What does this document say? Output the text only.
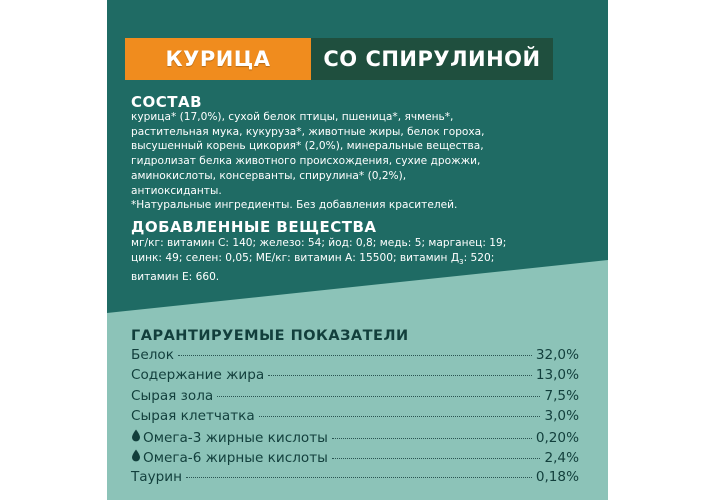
КУРИЦА	СО СПИРУЛИНОЙ
СОСТАВ
курица* (17,0%), сухой белок птицы, пшеница*, ячмень*,
растительная мука, кукуруза*, животные жиры, белок гороха,
высушенный корень цикория* (2,0%), минеральные вещества,
гидролизат белка животного происхождения, сухие дрожжи,
аминокислоты, консерванты, спирулина* (0,2%),
антиоксиданты.
*Натуральные ингредиенты. Без добавления красителей.
ДОБАВЛЕННЫЕ ВЕЩЕСТВА
мг/кг: витамин С: 140; железо: 54; йод: 0,8; медь: 5; марганец: 19;
цинк: 49; селен: 0,05; МЕ/кг: витамин А: 15500; витамин $Д_3$: 520;
витамин Е: 660.
ГАРАНТИРУЕМЫЕ ПОКАЗАТЕЛИ
Белок	32,0%
Содержание жира	13,0%
Сырая зола	7,5%
Сырая клетчатка	3,0%
Омега-3 жирные кислоты	0,20%
Омега-6 жирные кислоты	2,4%
Таурин	0,18%
